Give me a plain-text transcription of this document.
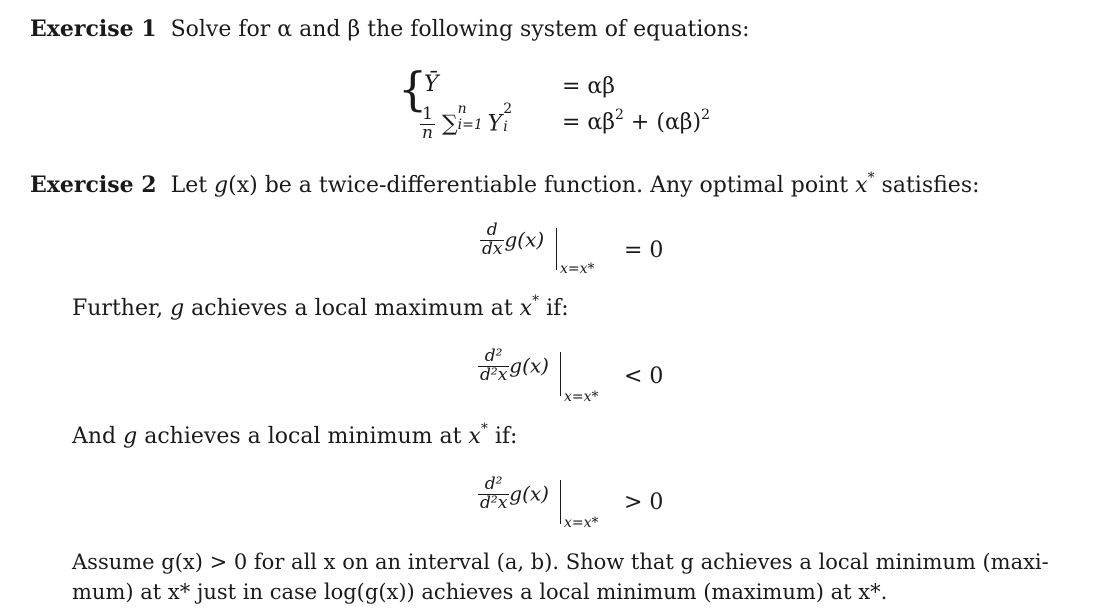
Exercise 1 Solve for α and β the following system of equations:
{
Ȳ	= αβ
$\frac{1}{n}$ ∑
n
i=1 Y
2
$i = \alpha\beta^2 + (\alpha\beta)^2$
Exercise 2 Let g(x) be a twice-differentiable function. Any optimal point x* satisfies:
$\frac{d}{dx} g(x)$
x=x*
= 0
Further, g achieves a local maximum at x* if:
$\frac{\text{d²}}{\text{d²x}} g(x)$
x=x*
< 0
And g achieves a local minimum at x* if:
$\frac{\text{d²}}{\text{d²x}} g(x)$
x=x*
> 0
Assume g(x) > 0 for all x on an interval (a, b). Show that g achieves a local minimum (maxi-
mum) at x* just in case log(g(x)) achieves a local minimum (maximum) at x*.
